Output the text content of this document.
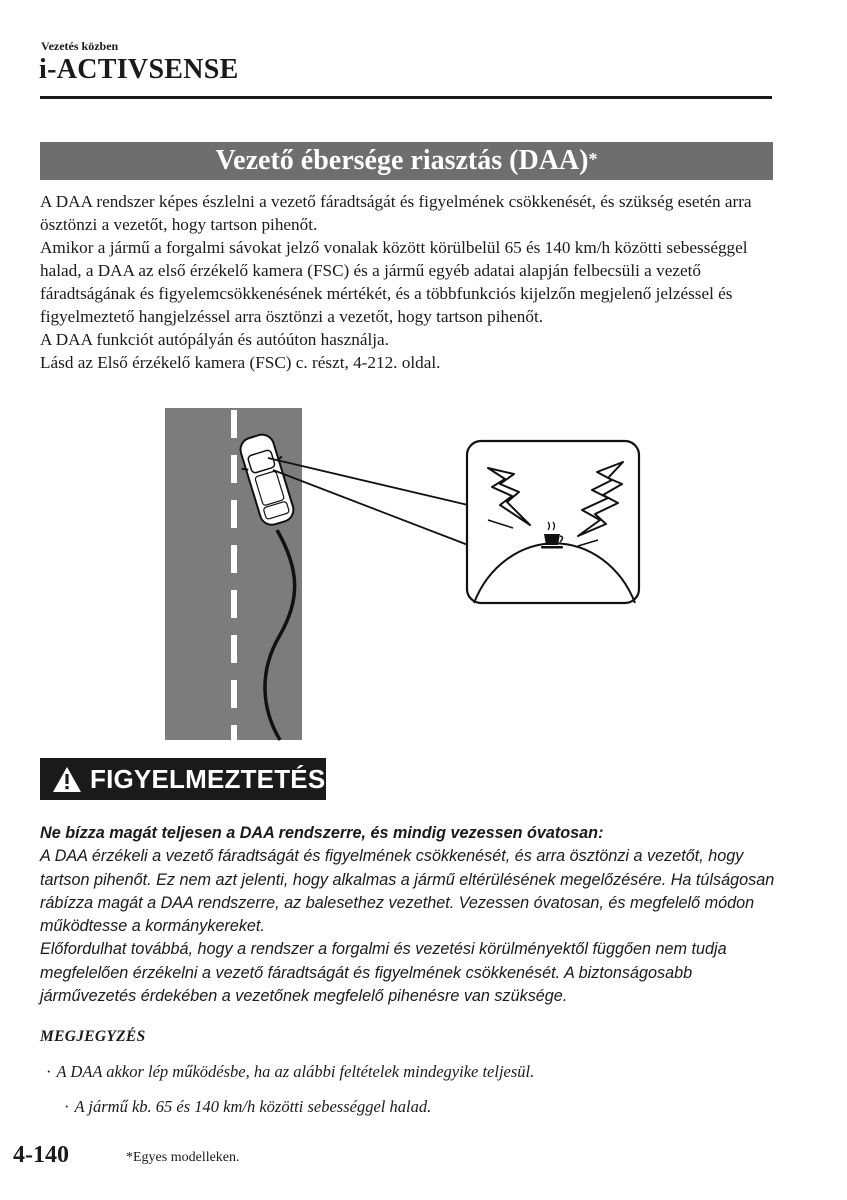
Vezetés közben
i-ACTIVSENSE
Vezető ébersége riasztás (DAA)*

A DAA rendszer képes észlelni a vezető fáradtságát és figyelmének csökkenését, és szükség esetén arra ösztönzi a vezetőt, hogy tartson pihenőt.

Amikor a jármű a forgalmi sávokat jelző vonalak között körülbelül 65 és 140 km/h közötti sebességgel halad, a DAA az első érzékelő kamera (FSC) és a jármű egyéb adatai alapján felbecsüli a vezető fáradtságának és figyelemcsökkenésének mértékét, és a többfunkciós kijelzőn megjelenő jelzéssel és figyelmeztető hangjelzéssel arra ösztönzi a vezetőt, hogy tartson pihenőt.

A DAA funkciót autópályán és autóúton használja.

Lásd az Első érzékelő kamera (FSC) c. részt, 4-212. oldal.

FIGYELMEZTETÉS

Ne bízza magát teljesen a DAA rendszerre, és mindig vezessen óvatosan:

A DAA érzékeli a vezető fáradtságát és figyelmének csökkenését, és arra ösztönzi a vezetőt, hogy tartson pihenőt. Ez nem azt jelenti, hogy alkalmas a jármű eltérülésének megelőzésére. Ha túlságosan rábízza magát a DAA rendszerre, az balesethez vezethet. Vezessen óvatosan, és megfelelő módon működtesse a kormánykereket.

Előfordulhat továbbá, hogy a rendszer a forgalmi és vezetési körülményektől függően nem tudja megfelelően érzékelni a vezető fáradtságát és figyelmének csökkenését. A biztonságosabb járművezetés érdekében a vezetőnek megfelelő pihenésre van szüksége.

MEGJEGYZÉS
· A DAA akkor lép működésbe, ha az alábbi feltételek mindegyike teljesül.
· A jármű kb. 65 és 140 km/h közötti sebességgel halad.
4-140	*Egyes modelleken.
